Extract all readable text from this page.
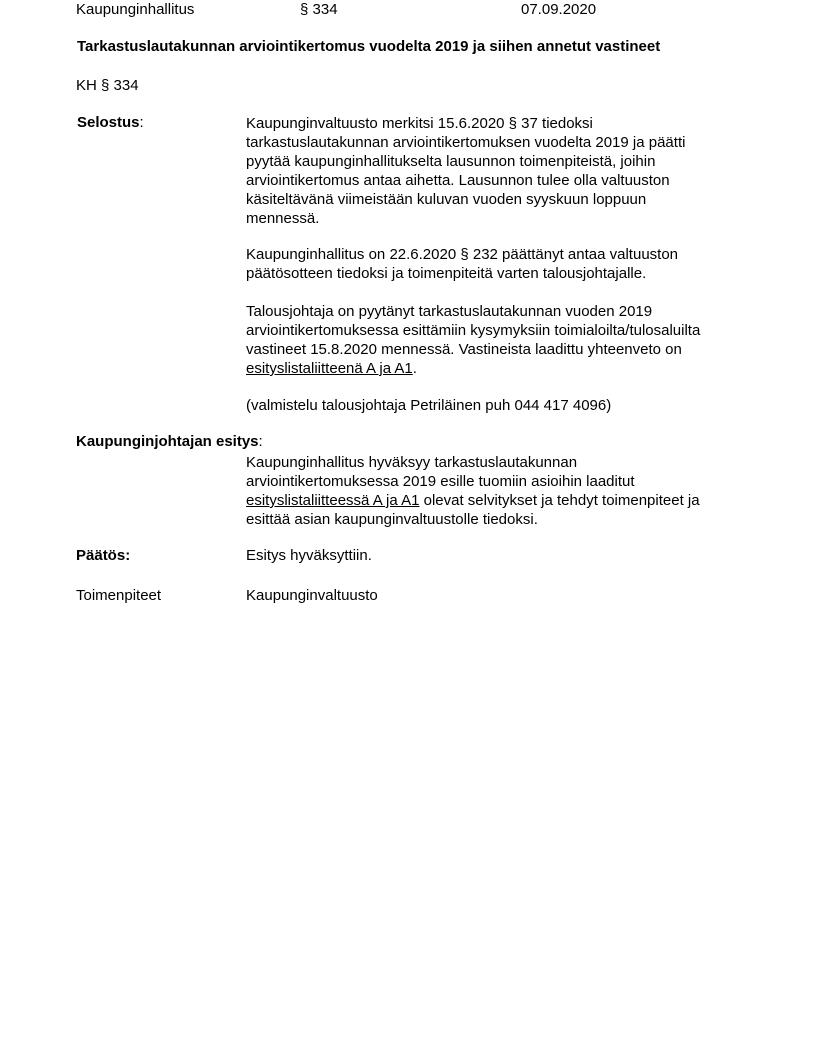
Kaupunginhallitus	§ 334	07.09.2020
Tarkastuslautakunnan arviointikertomus vuodelta 2019 ja siihen annetut vastineet
KH § 334
Selostus:	Kaupunginvaltuusto merkitsi 15.6.2020 § 37 tiedoksi
tarkastuslautakunnan arviointikertomuksen vuodelta 2019 ja päätti
pyytää kaupunginhallitukselta lausunnon toimenpiteistä, joihin
arviointikertomus antaa aihetta. Lausunnon tulee olla valtuuston
käsiteltävänä viimeistään kuluvan vuoden syyskuun loppuun
mennessä.
Kaupunginhallitus on 22.6.2020 § 232 päättänyt antaa valtuuston
päätösotteen tiedoksi ja toimenpiteitä varten talousjohtajalle.
Talousjohtaja on pyytänyt tarkastuslautakunnan vuoden 2019
arviointikertomuksessa esittämiin kysymyksiin toimialoilta/tulosaluilta
vastineet 15.8.2020 mennessä. Vastineista laadittu yhteenveto on
esityslistaliitteenä A ja A1.
(valmistelu talousjohtaja Petriläinen puh 044 417 4096)
Kaupunginjohtajan esitys:
Kaupunginhallitus hyväksyy tarkastuslautakunnan
arviointikertomuksessa 2019 esille tuomiin asioihin laaditut
esityslistaliitteessä A ja A1 olevat selvitykset ja tehdyt toimenpiteet ja
esittää asian kaupunginvaltuustolle tiedoksi.
Päätös:	Esitys hyväksyttiin.
Toimenpiteet	Kaupunginvaltuusto
